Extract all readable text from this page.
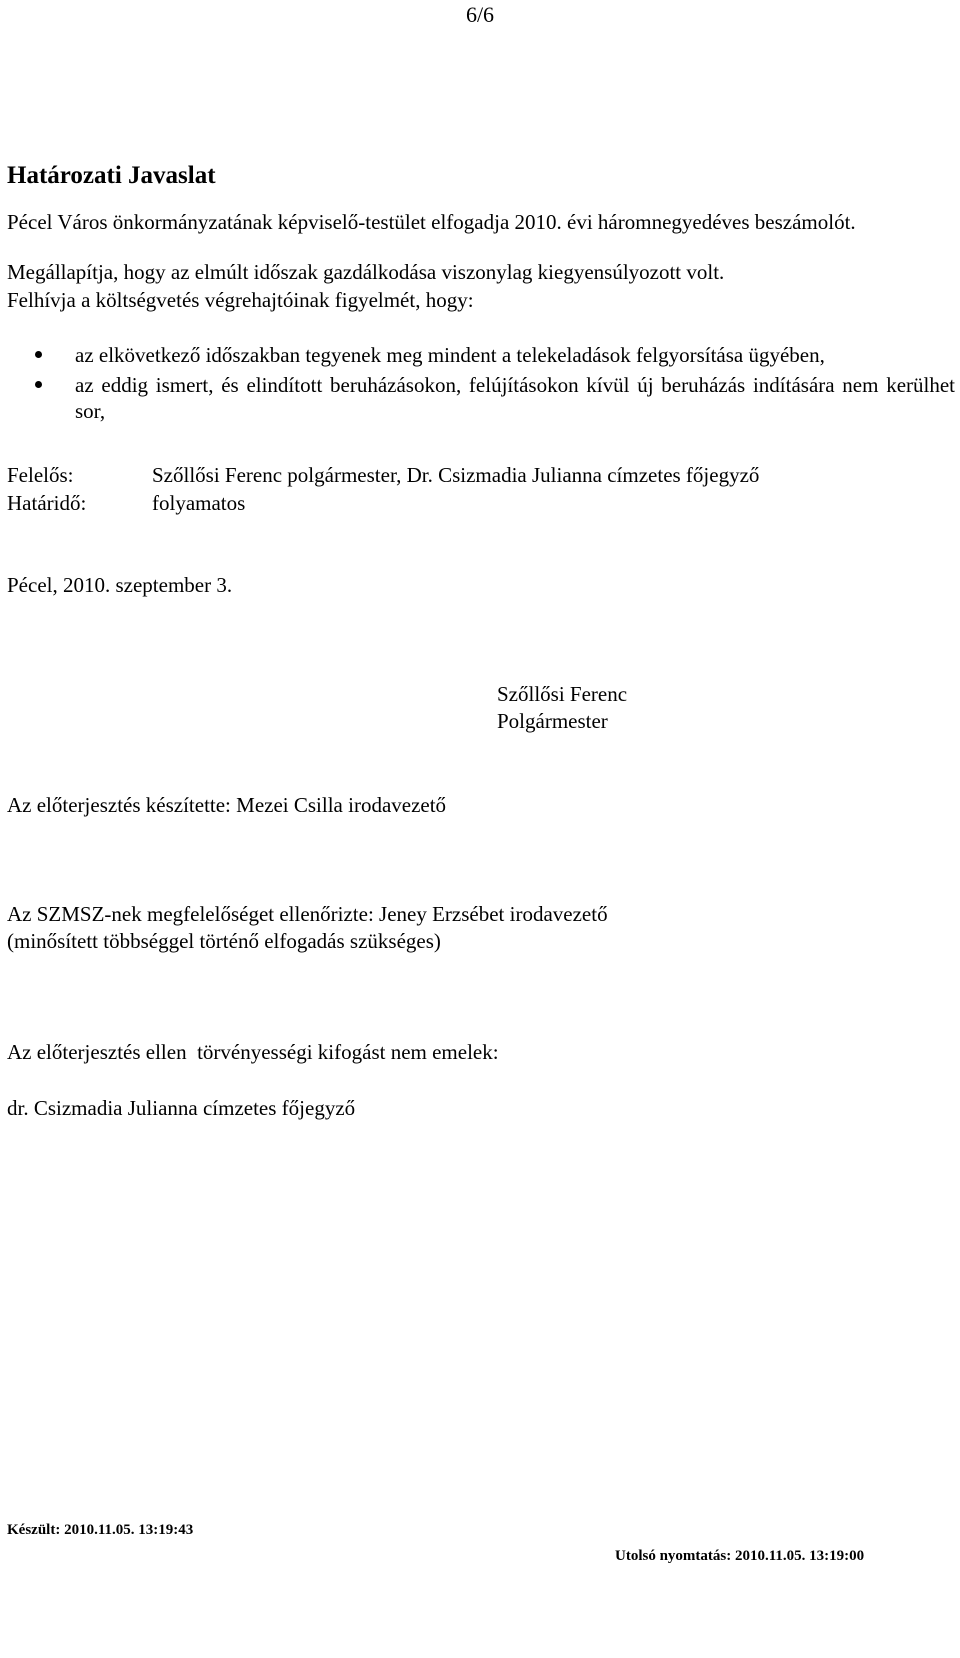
6/6
Határozati Javaslat
Pécel Város önkormányzatának képviselő-testület elfogadja 2010. évi háromnegyedéves beszámolót.
Megállapítja, hogy az elmúlt időszak gazdálkodása viszonylag kiegyensúlyozott volt.
Felhívja a költségvetés végrehajtóinak figyelmét, hogy:
az elkövetkező időszakban tegyenek meg mindent a telekeladások felgyorsítása ügyében,
az eddig ismert, és elindított beruházásokon, felújításokon kívül új beruházás indítására nem kerülhet sor,
Felelős:	Szőllősi Ferenc polgármester, Dr. Csizmadia Julianna címzetes főjegyző
Határidő:	folyamatos
Pécel, 2010. szeptember 3.
Szőllősi Ferenc
Polgármester
Az előterjesztés készítette: Mezei Csilla irodavezető
Az SZMSZ-nek megfelelőséget ellenőrizte: Jeney Erzsébet irodavezető
(minősített többséggel történő elfogadás szükséges)
Az előterjesztés ellen  törvényességi kifogást nem emelek:
dr. Csizmadia Julianna címzetes főjegyző
Készült: 2010.11.05. 13:19:43
Utolsó nyomtatás: 2010.11.05. 13:19:00
